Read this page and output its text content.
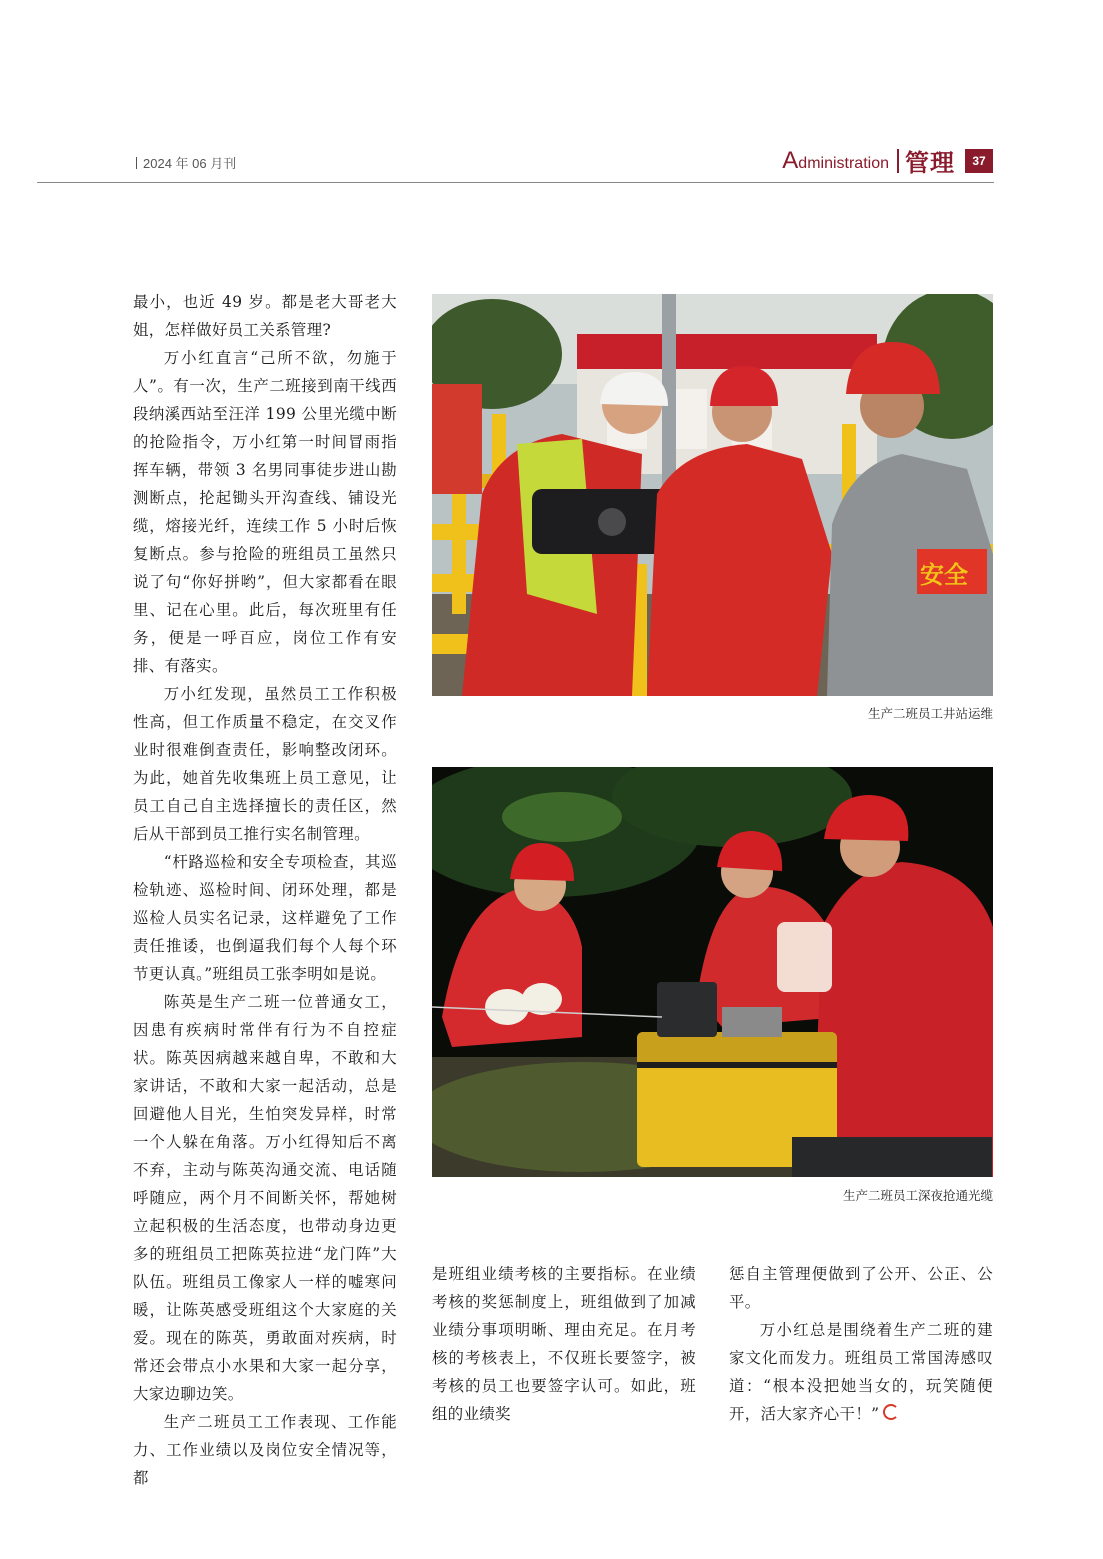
2024 年 06 月刊	Administration 管理	37

最小，也近 49 岁。都是老大哥老大姐，怎样做好员工关系管理?

万小红直言“己所不欲，勿施于人”。有一次，生产二班接到南干线西段纳溪西站至汪洋 199 公里光缆中断的抢险指令，万小红第一时间冒雨指挥车辆，带领 3 名男同事徒步进山勘测断点，抡起锄头开沟查线、铺设光缆，熔接光纤，连续工作 5 小时后恢复断点。参与抢险的班组员工虽然只说了句“你好拼哟”，但大家都看在眼里、记在心里。此后，每次班里有任务，便是一呼百应，岗位工作有安排、有落实。

万小红发现，虽然员工工作积极性高，但工作质量不稳定，在交叉作业时很难倒查责任，影响整改闭环。为此，她首先收集班上员工意见，让员工自己自主选择擅长的责任区，然后从干部到员工推行实名制管理。

“杆路巡检和安全专项检查，其巡检轨迹、巡检时间、闭环处理，都是巡检人员实名记录，这样避免了工作责任推诿，也倒逼我们每个人每个环节更认真。”班组员工张李明如是说。

陈英是生产二班一位普通女工，因患有疾病时常伴有行为不自控症状。陈英因病越来越自卑，不敢和大家讲话，不敢和大家一起活动，总是回避他人目光，生怕突发异样，时常一个人躲在角落。万小红得知后不离不弃，主动与陈英沟通交流、电话随呼随应，两个月不间断关怀，帮她树立起积极的生活态度，也带动身边更多的班组员工把陈英拉进“龙门阵”大队伍。班组员工像家人一样的嘘寒问暖，让陈英感受班组这个大家庭的关爱。现在的陈英，勇敢面对疾病，时常还会带点小水果和大家一起分享，大家边聊边笑。

生产二班员工工作表现、工作能力、工作业绩以及岗位安全情况等，都

是班组业绩考核的主要指标。在业绩考核的奖惩制度上，班组做到了加减业绩分事项明晰、理由充足。在月考核的考核表上，不仅班长要签字，被考核的员工也要签字认可。如此，班组的业绩奖

惩自主管理便做到了公开、公正、公平。

万小红总是围绕着生产二班的建家文化而发力。班组员工常国涛感叹道：“根本没把她当女的，玩笑随便开，活大家齐心干！”

安全
生产二班员工井站运维
生产二班员工深夜抢通光缆
